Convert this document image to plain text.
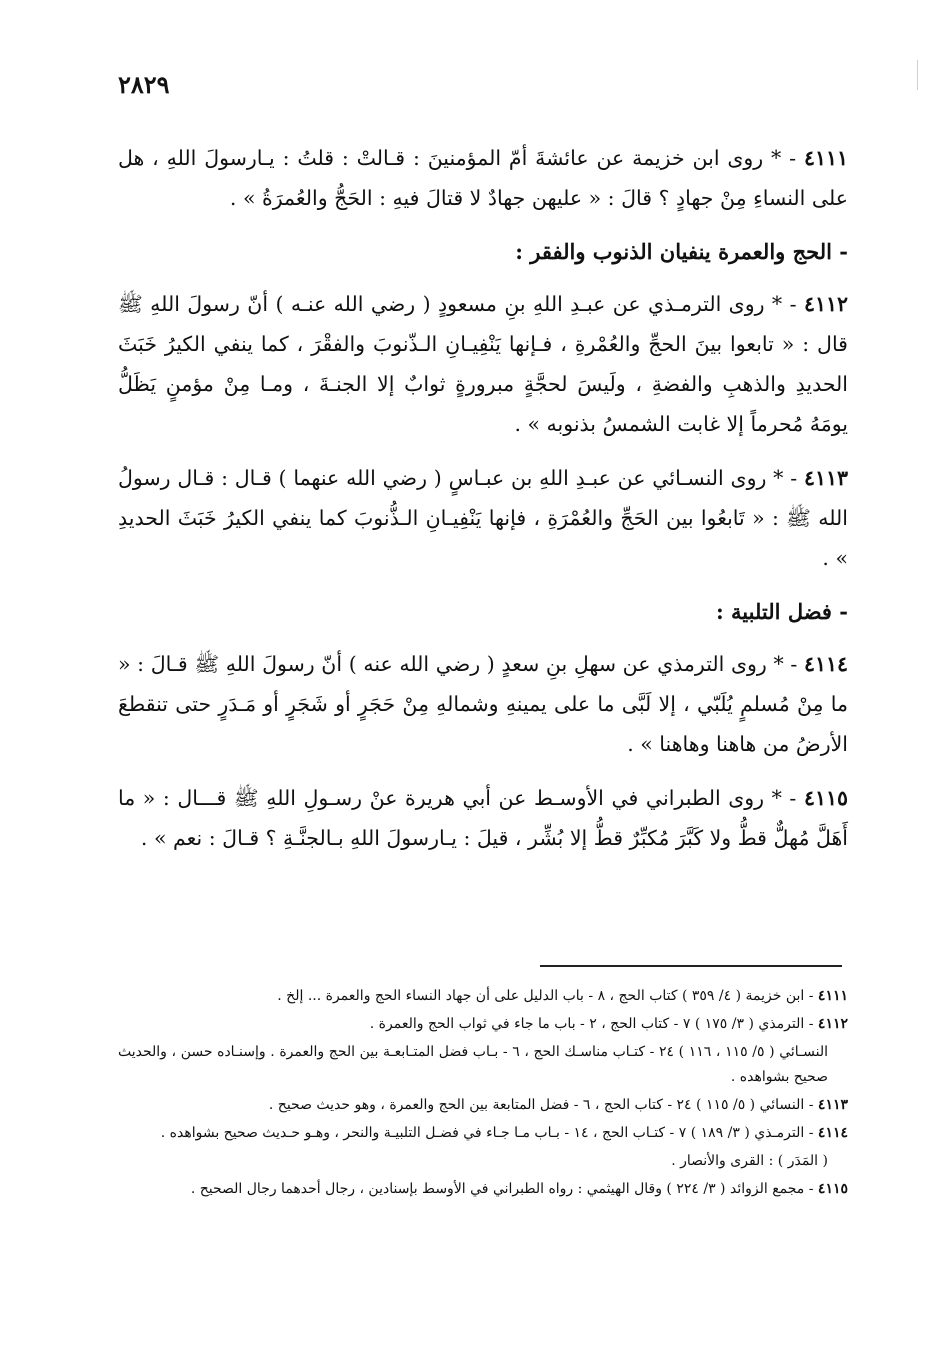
٢٨٢٩

٤١١١ - * روى ابن خزيمة عن عائشةَ أمّ المؤمنينَ : قـالتْ : قلتُ : يـارسولَ اللهِ ، هل على النساءِ مِنْ جهادٍ ؟ قالَ : « عليهن جهادٌ لا قتالَ فيهِ : الحَجُّ والعُمرَةُ » .

- الحج والعمرة ينفيان الذنوب والفقر :

٤١١٢ - * روى الترمـذي عن عبـدِ اللهِ بنِ مسعودٍ ( رضي الله عنـه ) أنّ رسولَ اللهِ ﷺ قال : « تابعوا بينَ الحجِّ والعُمْرةِ ، فـإنها يَنْفِيـانِ الـذّنوبَ والفقْرَ ، كما ينفي الكيرُ خَبَثَ الحديدِ والذهبِ والفضةِ ، ولَيسَ لحجَّةٍ مبرورةٍ ثوابٌ إلا الجنـةَ ، ومـا مِنْ مؤمنٍ يَظَلُّ يومَهُ مُحرماً إلا غابت الشمسُ بذنوبه » .

٤١١٣ - * روى النسـائي عن عبـدِ اللهِ بن عبـاسٍ ( رضي الله عنهما ) قـال : قـال رسولُ الله ﷺ : « تَابعُوا بين الحَجِّ والعُمْرَةِ ، فإنها يَنْفِيـانِ الـذُّنوبَ كما ينفي الكيرُ خَبَثَ الحديدِ » .

- فضل التلبية :

٤١١٤ - * روى الترمذي عن سهلِ بنِ سعدٍ ( رضي الله عنه ) أنّ رسولَ اللهِ ﷺ قـالَ : « ما مِنْ مُسلمٍ يُلَبّي ، إلا لَبَّى ما على يمينهِ وشمالهِ مِنْ حَجَرٍ أو شَجَرٍ أو مَـدَرٍ حتى تنقطعَ الأرضُ من هاهنا وهاهنا » .

٤١١٥ - * روى الطبراني في الأوسـط عن أبي هريرة عنْ رسـولِ اللهِ ﷺ قـــال : « ما أَهَلَّ مُهلٌّ قطُّ ولا كَبَّرَ مُكبِّرٌ قطُّ إلا بُشِّر ، قيلَ : يـارسولَ اللهِ بـالجنَّـةِ ؟ قـالَ : نعم » .

٤١١١ - ابن خزيمة ( ٤/ ٣٥٩ ) كتاب الحج ، ٨ - باب الدليل على أن جهاد النساء الحج والعمرة ... إلخ .

٤١١٢ - الترمذي ( ٣/ ١٧٥ ) ٧ - كتاب الحج ، ٢ - باب ما جاء في ثواب الحج والعمرة .

النسـائي ( ٥/ ١١٥ ، ١١٦ ) ٢٤ - كتـاب مناسـك الحج ، ٦ - بـاب فضل المتـابعـة بين الحج والعمرة . وإسنـاده حسن ، والحديث صحيح بشواهده .

٤١١٣ - النسائي ( ٥/ ١١٥ ) ٢٤ - كتاب الحج ، ٦ - فضل المتابعة بين الحج والعمرة ، وهو حديث صحيح .

٤١١٤ - الترمـذي ( ٣/ ١٨٩ ) ٧ - كتـاب الحج ، ١٤ - بـاب مـا جـاء في فضـل التلبيـة والنحر ، وهـو حـديث صحيح بشواهده .

( المَدَر ) : القرى والأنصار .

٤١١٥ - مجمع الزوائد ( ٣/ ٢٢٤ ) وقال الهيثمي : رواه الطبراني في الأوسط بإسنادين ، رجال أحدهما رجال الصحيح .
